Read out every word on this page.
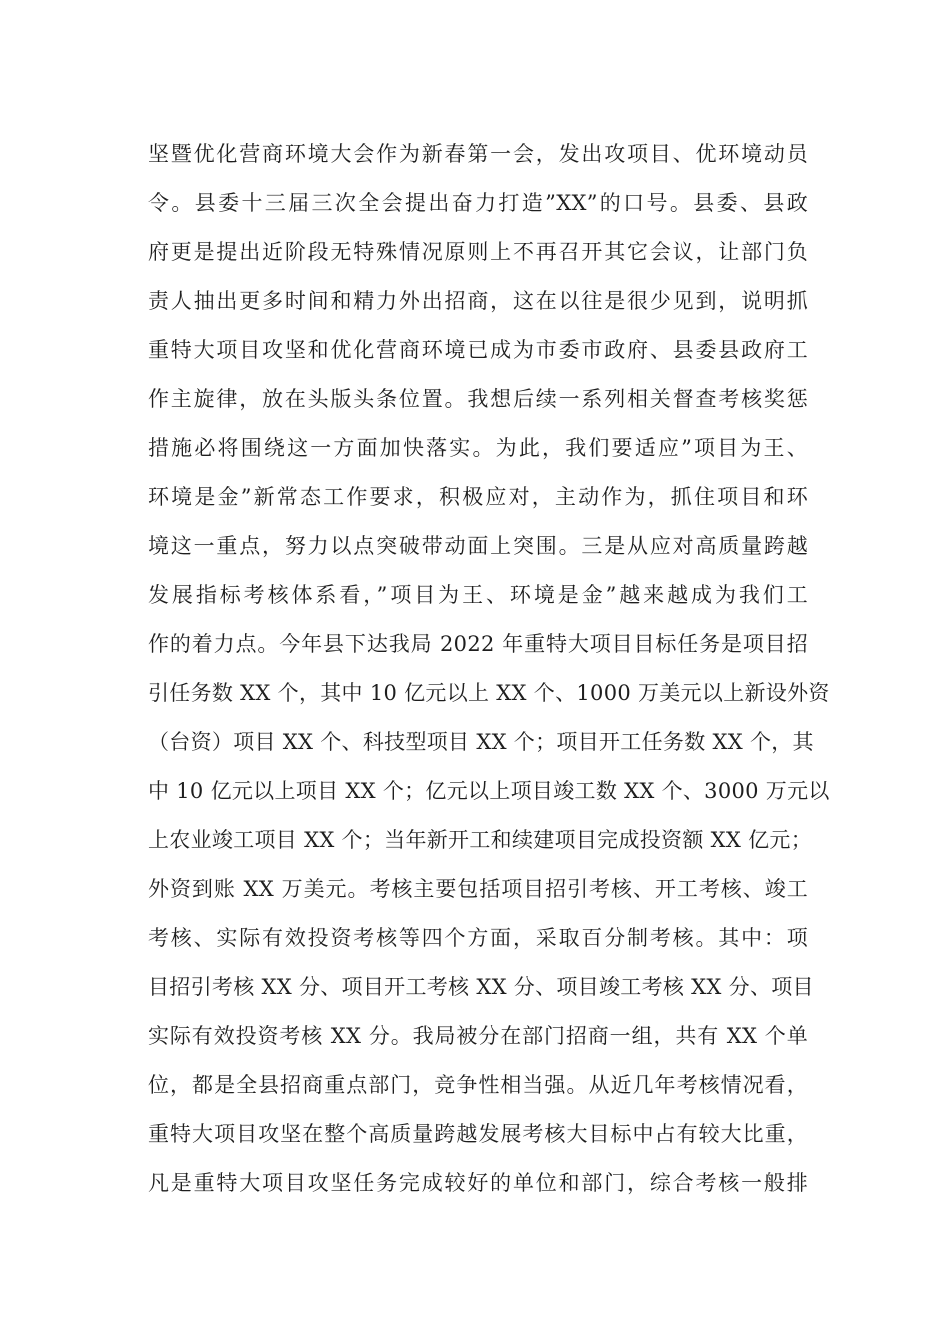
坚暨优化营商环境大会作为新春第一会，发出攻项目、优环境动员
令。县委十三届三次全会提出奋力打造”XX”的口号。县委、县政
府更是提出近阶段无特殊情况原则上不再召开其它会议，让部门负
责人抽出更多时间和精力外出招商，这在以往是很少见到，说明抓
重特大项目攻坚和优化营商环境已成为市委市政府、县委县政府工
作主旋律，放在头版头条位置。我想后续一系列相关督查考核奖惩
措施必将围绕这一方面加快落实。为此，我们要适应”项目为王、
环境是金”新常态工作要求，积极应对，主动作为，抓住项目和环
境这一重点，努力以点突破带动面上突围。三是从应对高质量跨越
发展指标考核体系看，”项目为王、环境是金”越来越成为我们工
作的着力点。今年县下达我局 2022 年重特大项目目标任务是项目招
引任务数 XX 个，其中 10 亿元以上 XX 个、1000 万美元以上新设外资
（台资）项目 XX 个、科技型项目 XX 个；项目开工任务数 XX 个，其
中 10 亿元以上项目 XX 个；亿元以上项目竣工数 XX 个、3000 万元以
上农业竣工项目 XX 个；当年新开工和续建项目完成投资额 XX 亿元；
外资到账 XX 万美元。考核主要包括项目招引考核、开工考核、竣工
考核、实际有效投资考核等四个方面，采取百分制考核。其中：项
目招引考核 XX 分、项目开工考核 XX 分、项目竣工考核 XX 分、项目
实际有效投资考核 XX 分。我局被分在部门招商一组，共有 XX 个单
位，都是全县招商重点部门，竞争性相当强。从近几年考核情况看，
重特大项目攻坚在整个高质量跨越发展考核大目标中占有较大比重，
凡是重特大项目攻坚任务完成较好的单位和部门，综合考核一般排
